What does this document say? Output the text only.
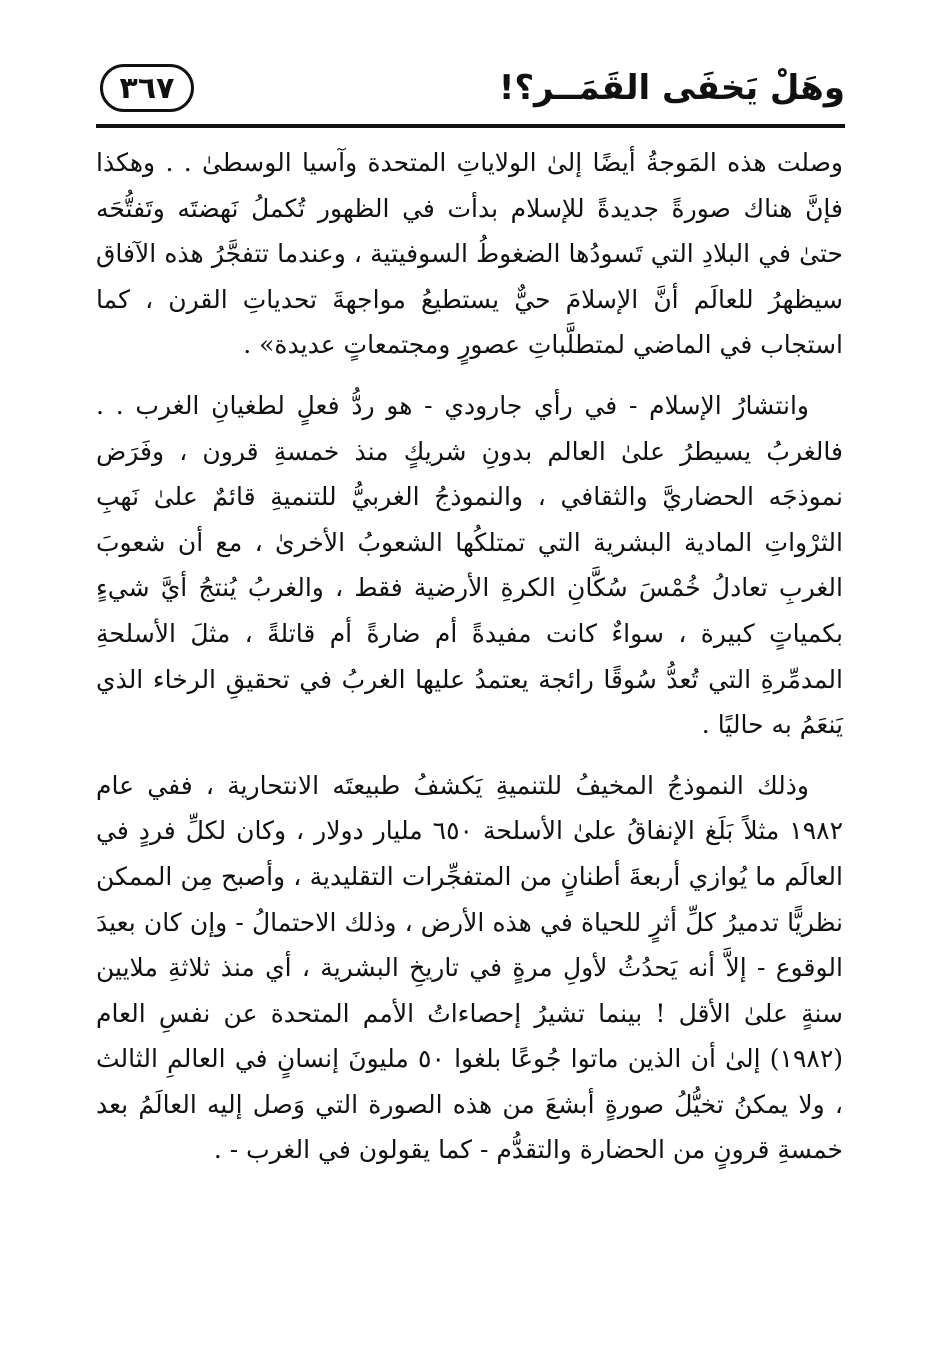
وهَلْ يَخفَى القَمَــر؟!
٣٦٧

وصلت هذه المَوجةُ أيضًا إلىٰ الولاياتِ المتحدة وآسيا الوسطىٰ . . وهكذا فإنَّ هناك صورةً جديدةً للإسلام بدأت في الظهور تُكملُ نَهضتَه وتَفتُّحَه حتىٰ في البلادِ التي تَسودُها الضغوطُ السوفيتية ، وعندما تتفجَّرُ هذه الآفاق سيظهرُ للعالَم أنَّ الإسلامَ حيٌّ يستطيعُ مواجهةَ تحدياتِ القرن ، كما استجاب في الماضي لمتطلَّباتِ عصورٍ ومجتمعاتٍ عديدة» .

وانتشارُ الإسلام - في رأي جارودي - هو ردُّ فعلٍ لطغيانِ الغرب . . فالغربُ يسيطرُ علىٰ العالم بدونِ شريكٍ منذ خمسةِ قرون ، وفَرَض نموذجَه الحضاريَّ والثقافي ، والنموذجُ الغربيُّ للتنميةِ قائمٌ علىٰ نَهبِ الثرْواتِ المادية البشرية التي تمتلكُها الشعوبُ الأخرىٰ ، مع أن شعوبَ الغربِ تعادلُ خُمْسَ سُكَّانِ الكرةِ الأرضية فقط ، والغربُ يُنتجُ أيَّ شيءٍ بكمياتٍ كبيرة ، سواءٌ كانت مفيدةً أم ضارةً أم قاتلةً ، مثلَ الأسلحةِ المدمِّرةِ التي تُعدُّ سُوقًا رائجة يعتمدُ عليها الغربُ في تحقيقِ الرخاء الذي يَنعَمُ به حاليًا .

وذلك النموذجُ المخيفُ للتنميةِ يَكشفُ طبيعتَه الانتحارية ، ففي عام ١٩٨٢ مثلاً بَلَغ الإنفاقُ علىٰ الأسلحة ٦٥٠ مليار دولار ، وكان لكلِّ فردٍ في العالَم ما يُوازي أربعةَ أطنانٍ من المتفجِّرات التقليدية ، وأصبح مِن الممكن نظريًّا تدميرُ كلِّ أثرٍ للحياة في هذه الأرض ، وذلك الاحتمالُ - وإن كان بعيدَ الوقوع - إلاَّ أنه يَحدُثُ لأولِ مرةٍ في تاريخِ البشرية ، أي منذ ثلاثةِ ملايين سنةٍ علىٰ الأقل ! بينما تشيرُ إحصاءاتُ الأمم المتحدة عن نفسِ العام (١٩٨٢) إلىٰ أن الذين ماتوا جُوعًا بلغوا ٥٠ مليونَ إنسانٍ في العالمِ الثالث ، ولا يمكنُ تخيُّلُ صورةٍ أبشعَ من هذه الصورة التي وَصل إليه العالَمُ بعد خمسةِ قرونٍ من الحضارة والتقدُّم - كما يقولون في الغرب - .
